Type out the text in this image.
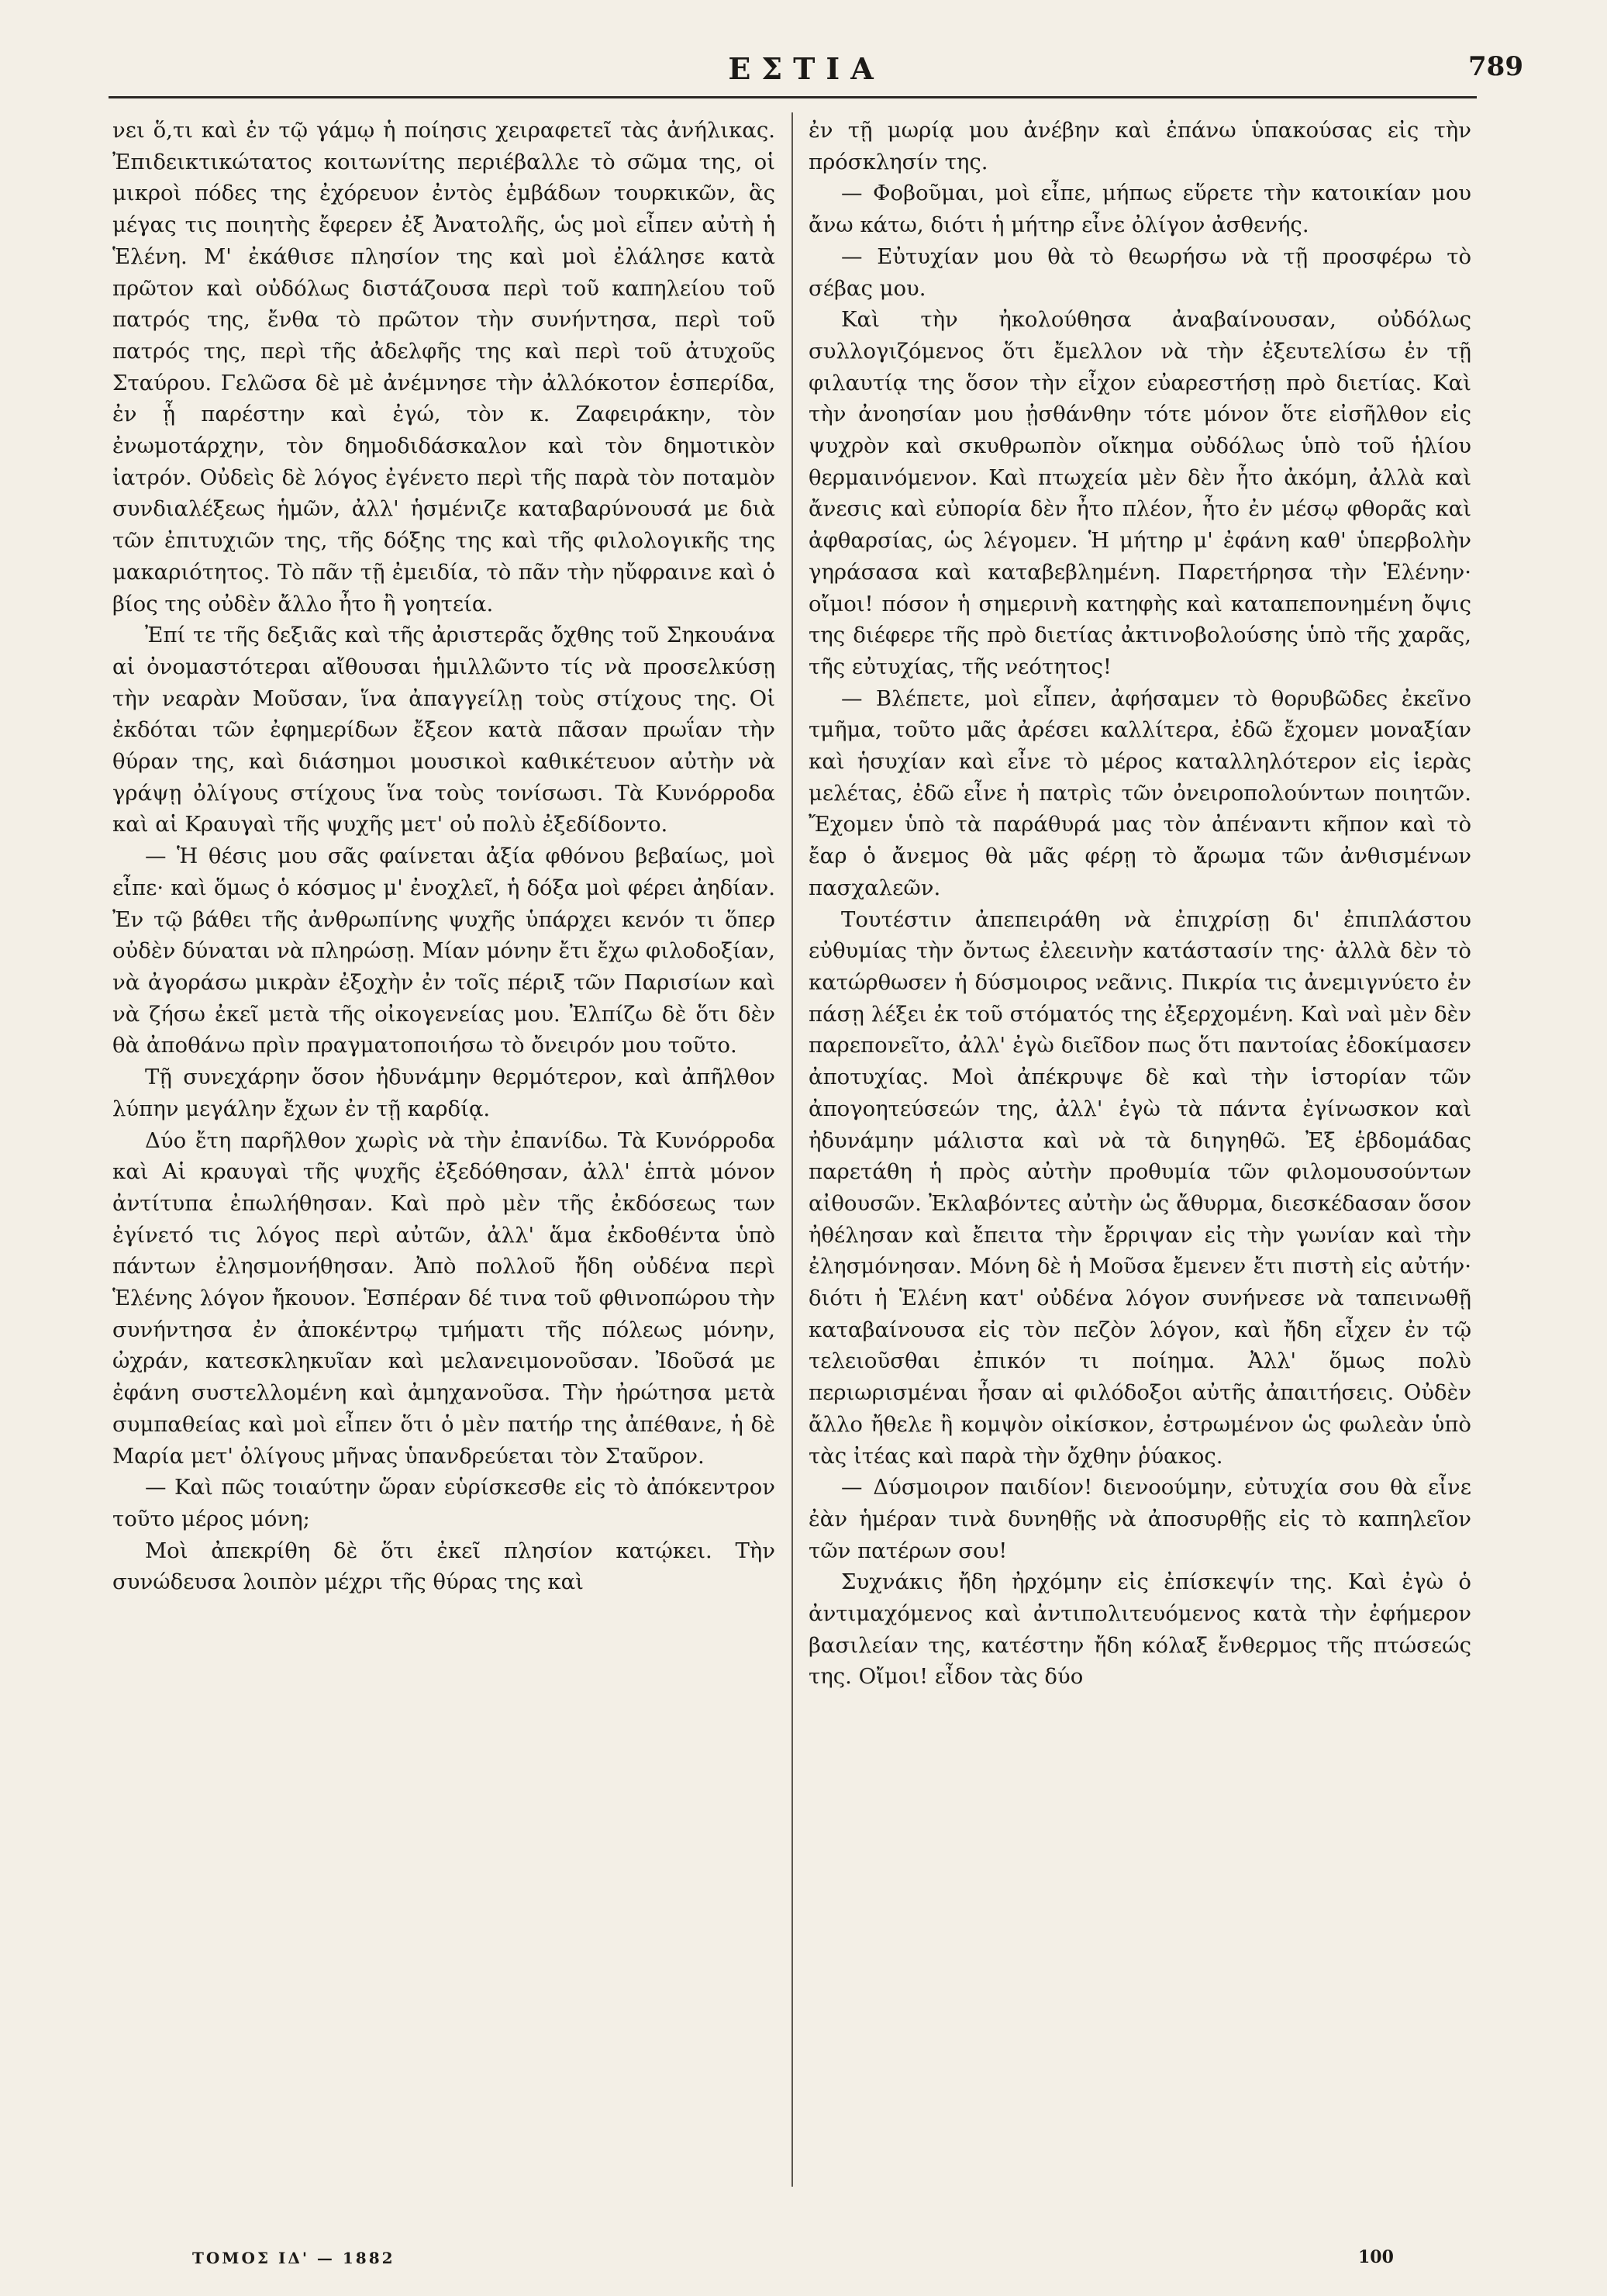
ΕΣΤΙΑ	789

νει ὅ,τι καὶ ἐν τῷ γάμῳ ἡ ποίησις χειραφετεῖ τὰς ἀνήλικας. Ἐπιδεικτικώτατος κοιτωνίτης περιέβαλλε τὸ σῶμα της, οἱ μικροὶ πόδες της ἐχόρευον ἐντὸς ἐμβάδων τουρκικῶν, ἃς μέγας τις ποιητὴς ἔφερεν ἐξ Ἀνατολῆς, ὡς μοὶ εἶπεν αὐτὴ ἡ Ἑλένη. Μ' ἐκάθισε πλησίον της καὶ μοὶ ἐλάλησε κατὰ πρῶτον καὶ οὐδόλως διστάζουσα περὶ τοῦ καπηλείου τοῦ πατρός της, ἔνθα τὸ πρῶτον τὴν συνήντησα, περὶ τοῦ πατρός της, περὶ τῆς ἀδελφῆς της καὶ περὶ τοῦ ἀτυχοῦς Σταύρου. Γελῶσα δὲ μὲ ἀνέμνησε τὴν ἀλλόκοτον ἑσπερίδα, ἐν ᾗ παρέστην καὶ ἐγώ, τὸν κ. Ζαφειράκην, τὸν ἐνωμοτάρχην, τὸν δημοδιδάσκαλον καὶ τὸν δημοτικὸν ἰατρόν. Οὐδεὶς δὲ λόγος ἐγένετο περὶ τῆς παρὰ τὸν ποταμὸν συνδιαλέξεως ἡμῶν, ἀλλ' ἡσμένιζε καταβαρύνουσά με διὰ τῶν ἐπιτυχιῶν της, τῆς δόξης της καὶ τῆς φιλολογικῆς της μακαριότητος. Τὸ πᾶν τῇ ἐμειδία, τὸ πᾶν τὴν ηὔφραινε καὶ ὁ βίος της οὐδὲν ἄλλο ἦτο ἢ γοητεία.

Ἐπί τε τῆς δεξιᾶς καὶ τῆς ἀριστερᾶς ὄχθης τοῦ Σηκουάνα αἱ ὀνομαστότεραι αἴθουσαι ἡμιλλῶντο τίς νὰ προσελκύσῃ τὴν νεαρὰν Μοῦσαν, ἵνα ἀπαγγείλῃ τοὺς στίχους της. Οἱ ἐκδόται τῶν ἐφημερίδων ἔξεον κατὰ πᾶσαν πρωΐαν τὴν θύραν της, καὶ διάσημοι μουσικοὶ καθικέτευον αὐτὴν νὰ γράψῃ ὀλίγους στίχους ἵνα τοὺς τονίσωσι. Τὰ Κυνόρροδα καὶ αἱ Κραυγαὶ τῆς ψυχῆς μετ' οὐ πολὺ ἐξεδίδοντο.

— Ἡ θέσις μου σᾶς φαίνεται ἀξία φθόνου βεβαίως, μοὶ εἶπε· καὶ ὅμως ὁ κόσμος μ' ἐνοχλεῖ, ἡ δόξα μοὶ φέρει ἀηδίαν. Ἐν τῷ βάθει τῆς ἀνθρωπίνης ψυχῆς ὑπάρχει κενόν τι ὅπερ οὐδὲν δύναται νὰ πληρώσῃ. Μίαν μόνην ἔτι ἔχω φιλοδοξίαν, νὰ ἀγοράσω μικρὰν ἐξοχὴν ἐν τοῖς πέριξ τῶν Παρισίων καὶ νὰ ζήσω ἐκεῖ μετὰ τῆς οἰκογενείας μου. Ἐλπίζω δὲ ὅτι δὲν θὰ ἀποθάνω πρὶν πραγματοποιήσω τὸ ὄνειρόν μου τοῦτο.

Τῇ συνεχάρην ὅσον ἠδυνάμην θερμότερον, καὶ ἀπῆλθον λύπην μεγάλην ἔχων ἐν τῇ καρδίᾳ.

Δύο ἔτη παρῆλθον χωρὶς νὰ τὴν ἐπανίδω. Τὰ Κυνόρροδα καὶ Αἱ κραυγαὶ τῆς ψυχῆς ἐξεδόθησαν, ἀλλ' ἑπτὰ μόνον ἀντίτυπα ἐπωλήθησαν. Καὶ πρὸ μὲν τῆς ἐκδόσεως των ἐγίνετό τις λόγος περὶ αὐτῶν, ἀλλ' ἅμα ἐκδοθέντα ὑπὸ πάντων ἐλησμονήθησαν. Ἀπὸ πολλοῦ ἤδη οὐδένα περὶ Ἑλένης λόγον ἤκουον. Ἑσπέραν δέ τινα τοῦ φθινοπώρου τὴν συνήντησα ἐν ἀποκέντρῳ τμήματι τῆς πόλεως μόνην, ὠχράν, κατεσκληκυῖαν καὶ μελανειμονοῦσαν. Ἰδοῦσά με ἐφάνη συστελλομένη καὶ ἀμηχανοῦσα. Τὴν ἠρώτησα μετὰ συμπαθείας καὶ μοὶ εἶπεν ὅτι ὁ μὲν πατήρ της ἀπέθανε, ἡ δὲ Μαρία μετ' ὀλίγους μῆνας ὑπανδρεύεται τὸν Σταῦρον.

— Καὶ πῶς τοιαύτην ὥραν εὑρίσκεσθε εἰς τὸ ἀπόκεντρον τοῦτο μέρος μόνη;

Μοὶ ἀπεκρίθη δὲ ὅτι ἐκεῖ πλησίον κατῴκει. Τὴν συνώδευσα λοιπὸν μέχρι τῆς θύρας της καὶ

ἐν τῇ μωρίᾳ μου ἀνέβην καὶ ἐπάνω ὑπακούσας εἰς τὴν πρόσκλησίν της.

— Φοβοῦμαι, μοὶ εἶπε, μήπως εὕρετε τὴν κατοικίαν μου ἄνω κάτω, διότι ἡ μήτηρ εἶνε ὀλίγον ἀσθενής.

— Εὐτυχίαν μου θὰ τὸ θεωρήσω νὰ τῇ προσφέρω τὸ σέβας μου.

Καὶ τὴν ἠκολούθησα ἀναβαίνουσαν, οὐδόλως συλλογιζόμενος ὅτι ἔμελλον νὰ τὴν ἐξευτελίσω ἐν τῇ φιλαυτίᾳ της ὅσον τὴν εἶχον εὐαρεστήσῃ πρὸ διετίας. Καὶ τὴν ἀνοησίαν μου ᾐσθάνθην τότε μόνον ὅτε εἰσῆλθον εἰς ψυχρὸν καὶ σκυθρωπὸν οἴκημα οὐδόλως ὑπὸ τοῦ ἡλίου θερμαινόμενον. Καὶ πτωχεία μὲν δὲν ἦτο ἀκόμη, ἀλλὰ καὶ ἄνεσις καὶ εὐπορία δὲν ἦτο πλέον, ἦτο ἐν μέσῳ φθορᾶς καὶ ἀφθαρσίας, ὡς λέγομεν. Ἡ μήτηρ μ' ἐφάνη καθ' ὑπερβολὴν γηράσασα καὶ καταβεβλημένη. Παρετήρησα τὴν Ἑλένην· οἴμοι! πόσον ἡ σημερινὴ κατηφὴς καὶ καταπεπονημένη ὄψις της διέφερε τῆς πρὸ διετίας ἀκτινοβολούσης ὑπὸ τῆς χαρᾶς, τῆς εὐτυχίας, τῆς νεότητος!

— Βλέπετε, μοὶ εἶπεν, ἀφήσαμεν τὸ θορυβῶδες ἐκεῖνο τμῆμα, τοῦτο μᾶς ἀρέσει καλλίτερα, ἐδῶ ἔχομεν μοναξίαν καὶ ἡσυχίαν καὶ εἶνε τὸ μέρος καταλληλότερον εἰς ἱερὰς μελέτας, ἐδῶ εἶνε ἡ πατρὶς τῶν ὀνειροπολούντων ποιητῶν. Ἔχομεν ὑπὸ τὰ παράθυρά μας τὸν ἀπέναντι κῆπον καὶ τὸ ἔαρ ὁ ἄνεμος θὰ μᾶς φέρῃ τὸ ἄρωμα τῶν ἀνθισμένων πασχαλεῶν.

Τουτέστιν ἀπεπειράθη νὰ ἐπιχρίσῃ δι' ἐπιπλάστου εὐθυμίας τὴν ὄντως ἐλεεινὴν κατάστασίν της· ἀλλὰ δὲν τὸ κατώρθωσεν ἡ δύσμοιρος νεᾶνις. Πικρία τις ἀνεμιγνύετο ἐν πάσῃ λέξει ἐκ τοῦ στόματός της ἐξερχομένη. Καὶ ναὶ μὲν δὲν παρεπονεῖτο, ἀλλ' ἐγὼ διεῖδον πως ὅτι παντοίας ἐδοκίμασεν ἀποτυχίας. Μοὶ ἀπέκρυψε δὲ καὶ τὴν ἱστορίαν τῶν ἀπογοητεύσεών της, ἀλλ' ἐγὼ τὰ πάντα ἐγίνωσκον καὶ ἠδυνάμην μάλιστα καὶ νὰ τὰ διηγηθῶ. Ἐξ ἑβδομάδας παρετάθη ἡ πρὸς αὐτὴν προθυμία τῶν φιλομουσούντων αἰθουσῶν. Ἐκλαβόντες αὐτὴν ὡς ἄθυρμα, διεσκέδασαν ὅσον ἠθέλησαν καὶ ἔπειτα τὴν ἔρριψαν εἰς τὴν γωνίαν καὶ τὴν ἐλησμόνησαν. Μόνη δὲ ἡ Μοῦσα ἔμενεν ἔτι πιστὴ εἰς αὐτήν· διότι ἡ Ἑλένη κατ' οὐδένα λόγον συνήνεσε νὰ ταπεινωθῇ καταβαίνουσα εἰς τὸν πεζὸν λόγον, καὶ ἤδη εἶχεν ἐν τῷ τελειοῦσθαι ἐπικόν τι ποίημα. Ἀλλ' ὅμως πολὺ περιωρισμέναι ἦσαν αἱ φιλόδοξοι αὐτῆς ἀπαιτήσεις. Οὐδὲν ἄλλο ἤθελε ἢ κομψὸν οἰκίσκον, ἐστρωμένον ὡς φωλεὰν ὑπὸ τὰς ἰτέας καὶ παρὰ τὴν ὄχθην ῥύακος.

— Δύσμοιρον παιδίον! διενοούμην, εὐτυχία σου θὰ εἶνε ἐὰν ἡμέραν τινὰ δυνηθῇς νὰ ἀποσυρθῇς εἰς τὸ καπηλεῖον τῶν πατέρων σου!

Συχνάκις ἤδη ἠρχόμην εἰς ἐπίσκεψίν της. Καὶ ἐγὼ ὁ ἀντιμαχόμενος καὶ ἀντιπολιτευόμενος κατὰ τὴν ἐφήμερον βασιλείαν της, κατέστην ἤδη κόλαξ ἔνθερμος τῆς πτώσεώς της. Οἴμοι! εἶδον τὰς δύο

ΤΟΜΟΣ ΙΔ' — 1882	100
